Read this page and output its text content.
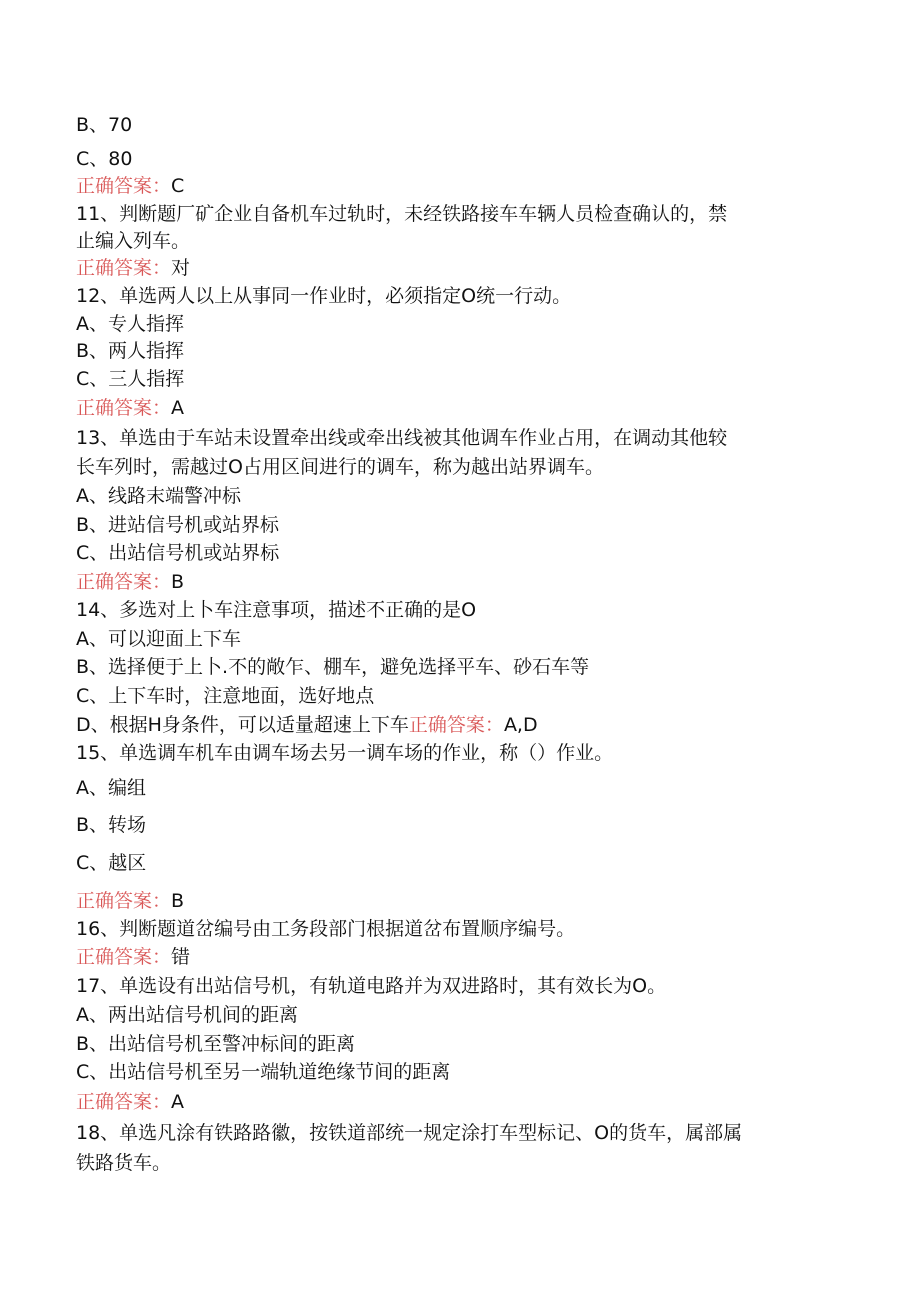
B、70
C、80
正确答案：C
11、判断题厂矿企业自备机车过轨时，未经铁路接车车辆人员检查确认的，禁
止编入列车。
正确答案：对
12、单选两人以上从事同一作业时，必须指定O统一行动。
A、专人指挥
B、两人指挥
C、三人指挥
正确答案：A
13、单选由于车站未设置牵出线或牵出线被其他调车作业占用，在调动其他较
长车列时，需越过O占用区间进行的调车，称为越出站界调车。
A、线路末端警冲标
B、进站信号机或站界标
C、出站信号机或站界标
正确答案：B
14、多选对上卜车注意事项，描述不正确的是O
A、可以迎面上下车
B、选择便于上卜.不的敞乍、棚车，避免选择平车、砂石车等
C、上下车时，注意地面，选好地点
D、根据H身条件，可以适量超速上下车正确答案：A,D
15、单选调车机车由调车场去另一调车场的作业，称（）作业。
A、编组
B、转场
C、越区
正确答案：B
16、判断题道岔编号由工务段部门根据道岔布置顺序编号。
正确答案：错
17、单选设有出站信号机，有轨道电路并为双进路时，其有效长为O。
A、两出站信号机间的距离
B、出站信号机至警冲标间的距离
C、出站信号机至另一端轨道绝缘节间的距离
正确答案：A
18、单选凡涂有铁路路徽，按铁道部统一规定涂打车型标记、O的货车，属部属
铁路货车。
